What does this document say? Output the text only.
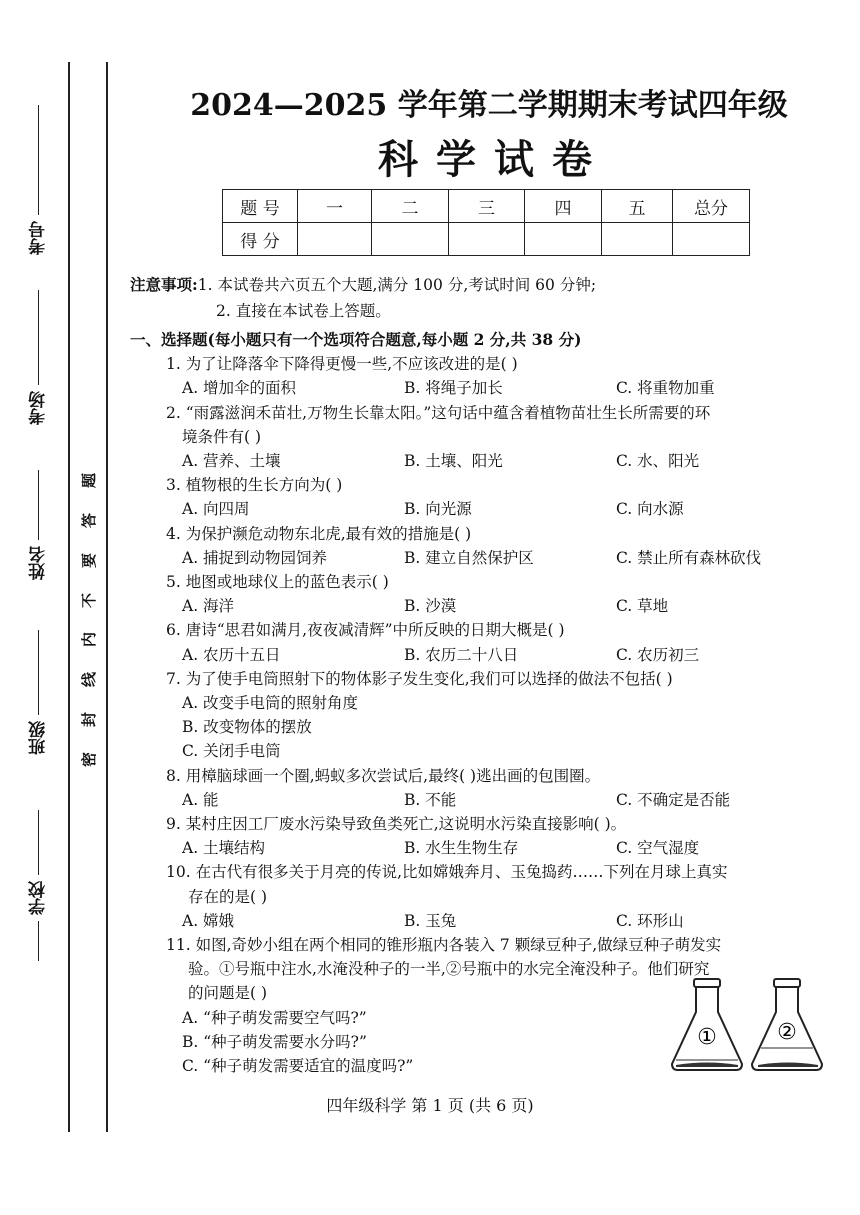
考号
考场
姓名
班级
学校
题
答
要
不
内
线
封
密
2024—2025 学年第二学期期末考试四年级
科学试卷
题 号	一	二	三	四	五	总分
得 分						
注意事项:1. 本试卷共六页五个大题,满分 100 分,考试时间 60 分钟;
2. 直接在本试卷上答题。
一、选择题(每小题只有一个选项符合题意,每小题 2 分,共 38 分)
1. 为了让降落伞下降得更慢一些,不应该改进的是( )
A. 增加伞的面积	B. 将绳子加长	C. 将重物加重
2. “雨露滋润禾苗壮,万物生长靠太阳。”这句话中蕴含着植物苗壮生长所需要的环
境条件有( )
A. 营养、土壤	B. 土壤、阳光	C. 水、阳光
3. 植物根的生长方向为( )
A. 向四周	B. 向光源	C. 向水源
4. 为保护濒危动物东北虎,最有效的措施是( )
A. 捕捉到动物园饲养	B. 建立自然保护区	C. 禁止所有森林砍伐
5. 地图或地球仪上的蓝色表示( )
A. 海洋	B. 沙漠	C. 草地
6. 唐诗“思君如满月,夜夜减清辉”中所反映的日期大概是( )
A. 农历十五日	B. 农历二十八日	C. 农历初三
7. 为了使手电筒照射下的物体影子发生变化,我们可以选择的做法不包括( )
A. 改变手电筒的照射角度
B. 改变物体的摆放
C. 关闭手电筒
8. 用樟脑球画一个圈,蚂蚁多次尝试后,最终( )逃出画的包围圈。
A. 能	B. 不能	C. 不确定是否能
9. 某村庄因工厂废水污染导致鱼类死亡,这说明水污染直接影响( )。
A. 土壤结构	B. 水生生物生存	C. 空气湿度
10. 在古代有很多关于月亮的传说,比如嫦娥奔月、玉兔捣药……下列在月球上真实
存在的是( )
A. 嫦娥	B. 玉兔	C. 环形山
11. 如图,奇妙小组在两个相同的锥形瓶内各装入 7 颗绿豆种子,做绿豆种子萌发实
验。①号瓶中注水,水淹没种子的一半,②号瓶中的水完全淹没种子。他们研究
的问题是( )
A. “种子萌发需要空气吗?”
B. “种子萌发需要水分吗?”
C. “种子萌发需要适宜的温度吗?”
①	②
四年级科学 第 1 页 (共 6 页)
